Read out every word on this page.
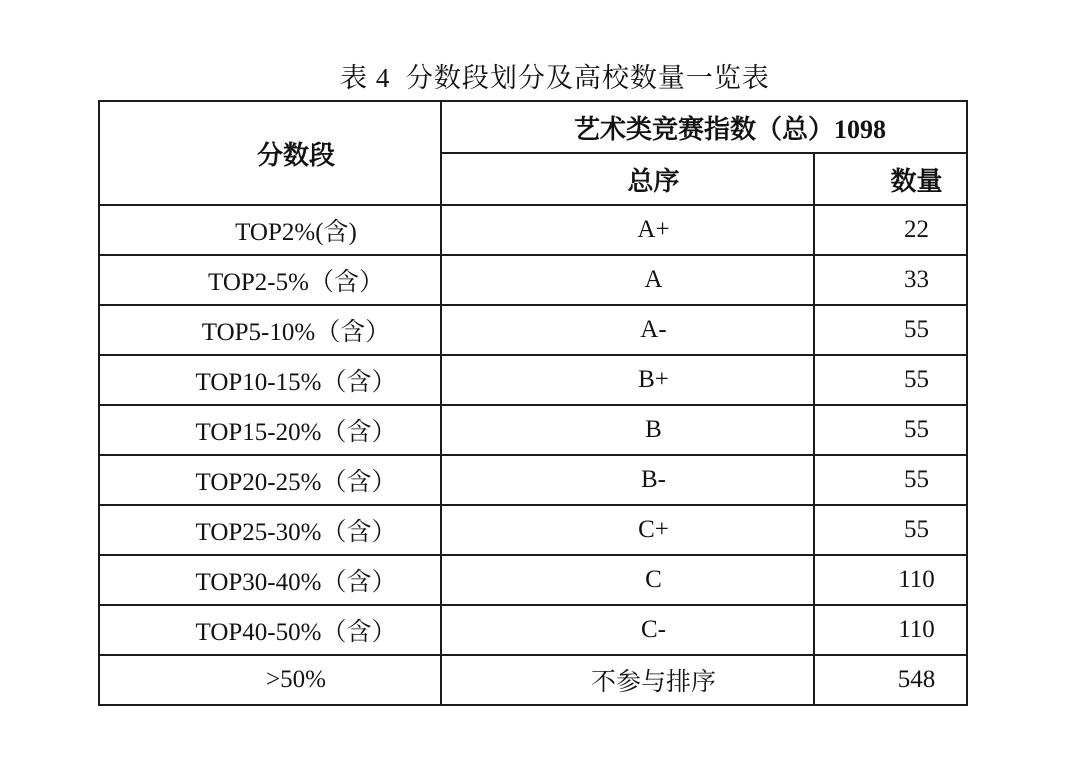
表 4  分数段划分及高校数量一览表
分数段	艺术类竞赛指数（总）1098	
	总序	数量
TOP2%(含)	A+	22
TOP2-5%（含）	A	33
TOP5-10%（含）	A-	55
TOP10-15%（含）	B+	55
TOP15-20%（含）	B	55
TOP20-25%（含）	B-	55
TOP25-30%（含）	C+	55
TOP30-40%（含）	C	110
TOP40-50%（含）	C-	110
>50%	不参与排序	548
